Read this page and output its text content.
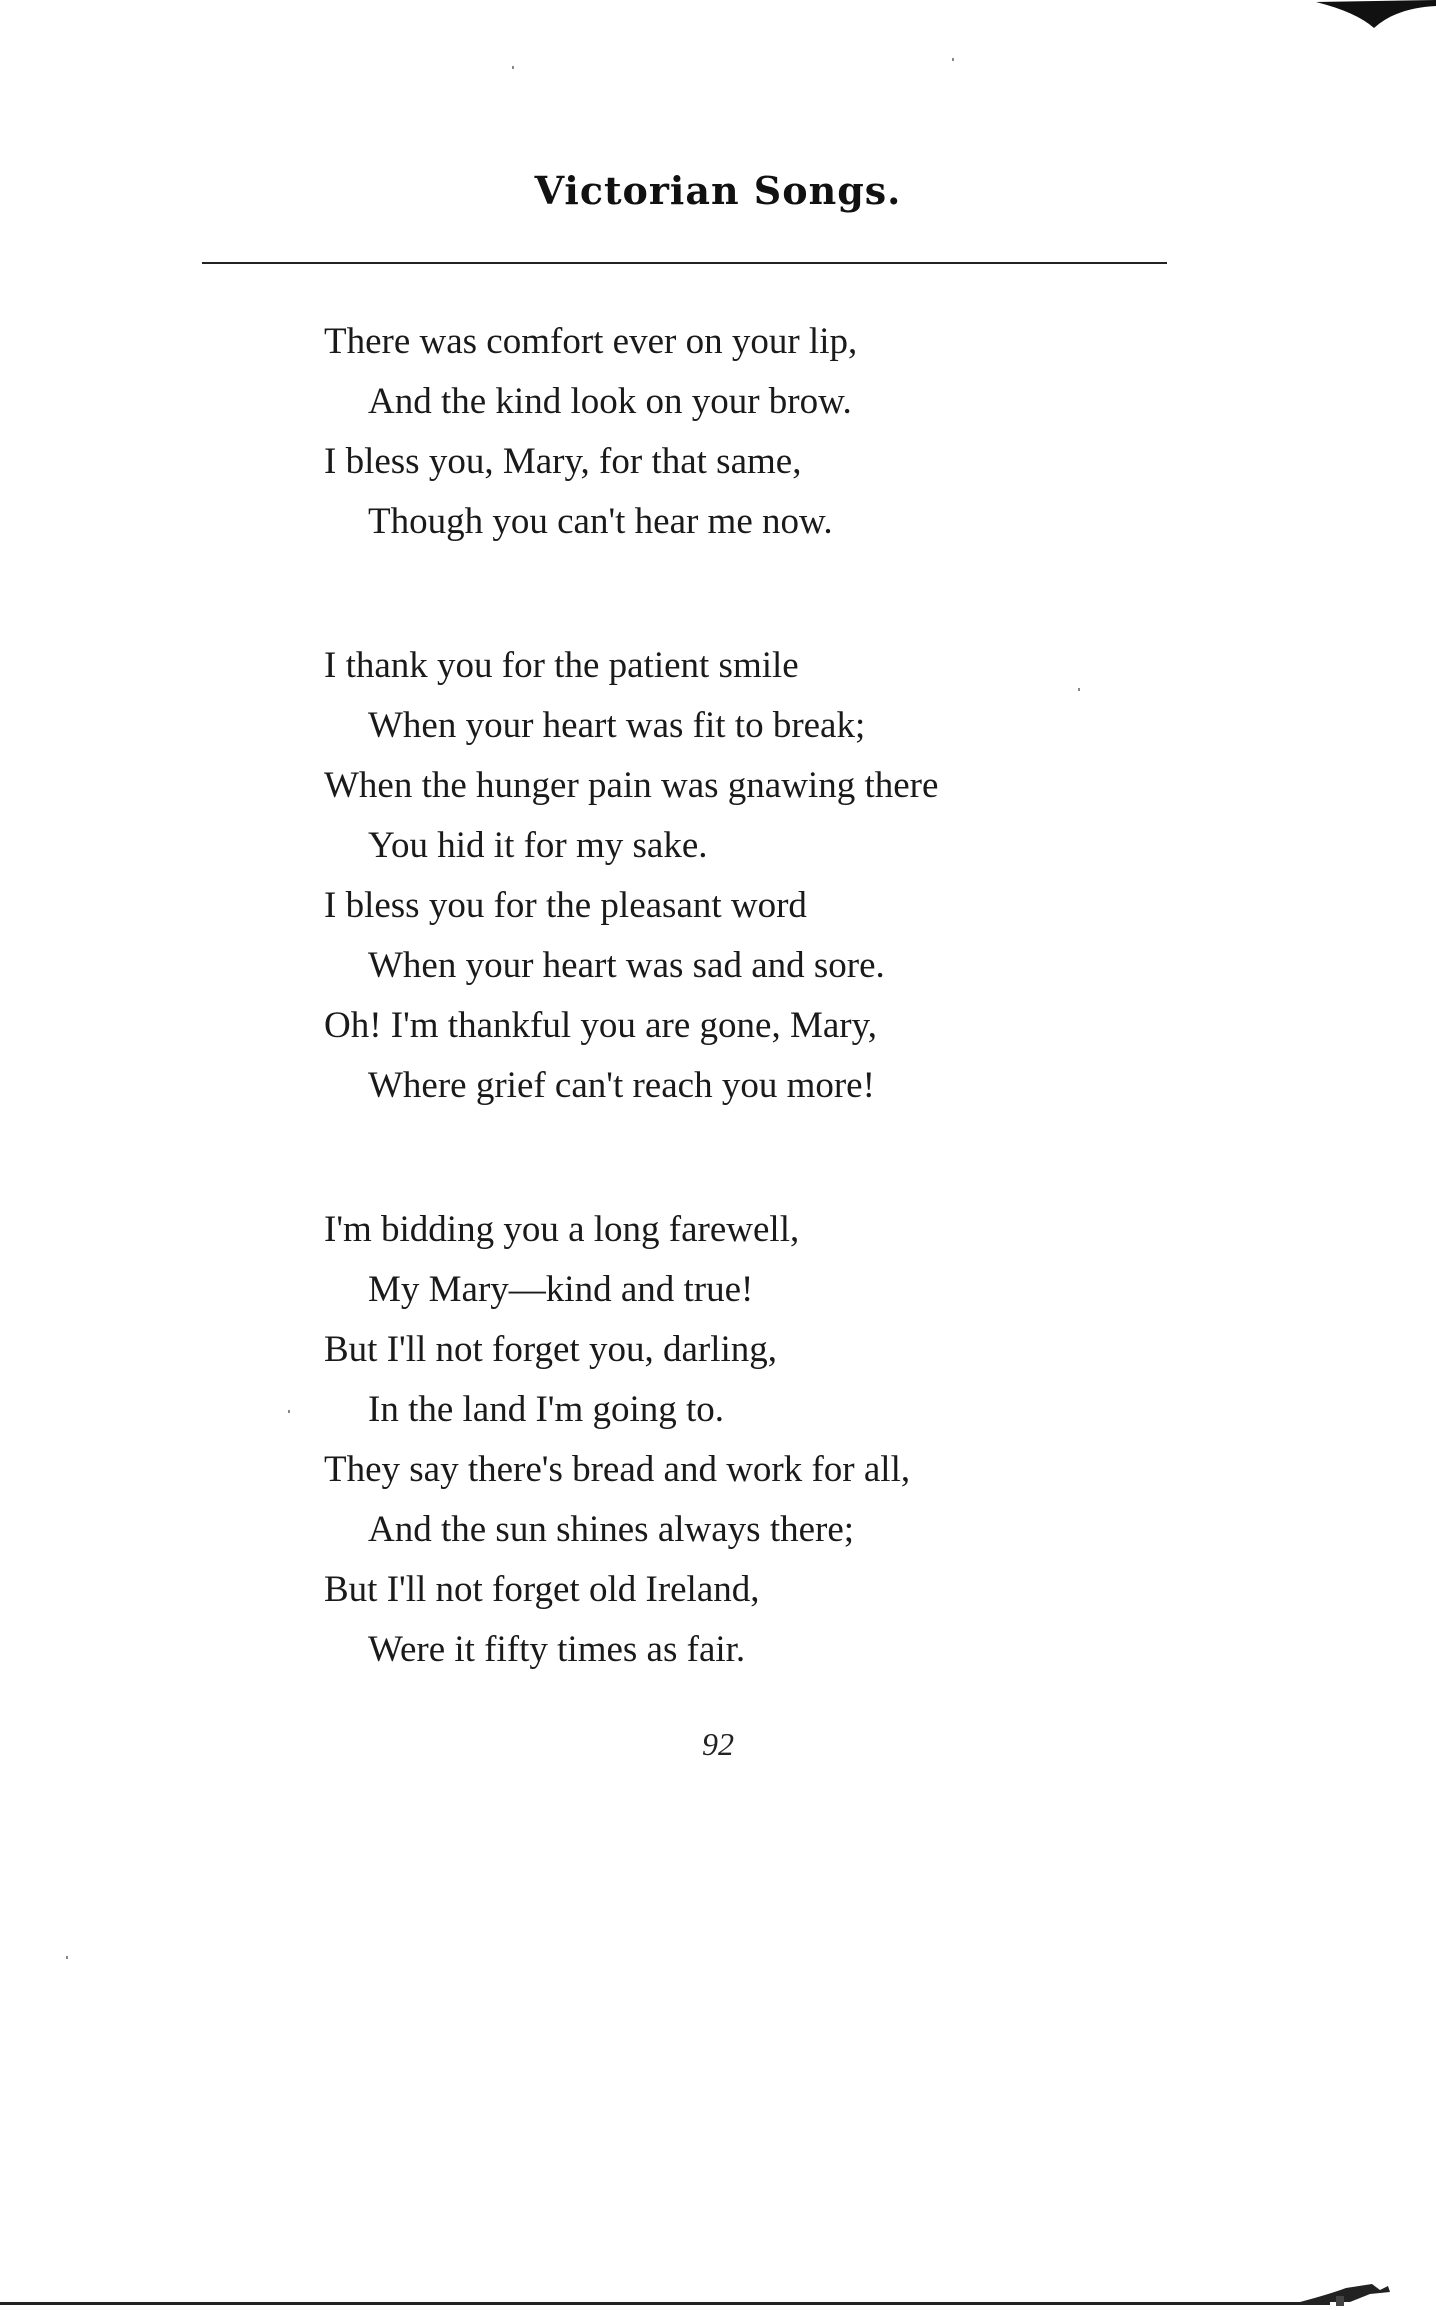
Victorian Songs.
There was comfort ever on your lip,
And the kind look on your brow.
I bless you, Mary, for that same,
Though you can't hear me now.
I thank you for the patient smile
When your heart was fit to break;
When the hunger pain was gnawing there
You hid it for my sake.
I bless you for the pleasant word
When your heart was sad and sore.
Oh! I'm thankful you are gone, Mary,
Where grief can't reach you more!
I'm bidding you a long farewell,
My Mary—kind and true!
But I'll not forget you, darling,
In the land I'm going to.
They say there's bread and work for all,
And the sun shines always there;
But I'll not forget old Ireland,
Were it fifty times as fair.
92
